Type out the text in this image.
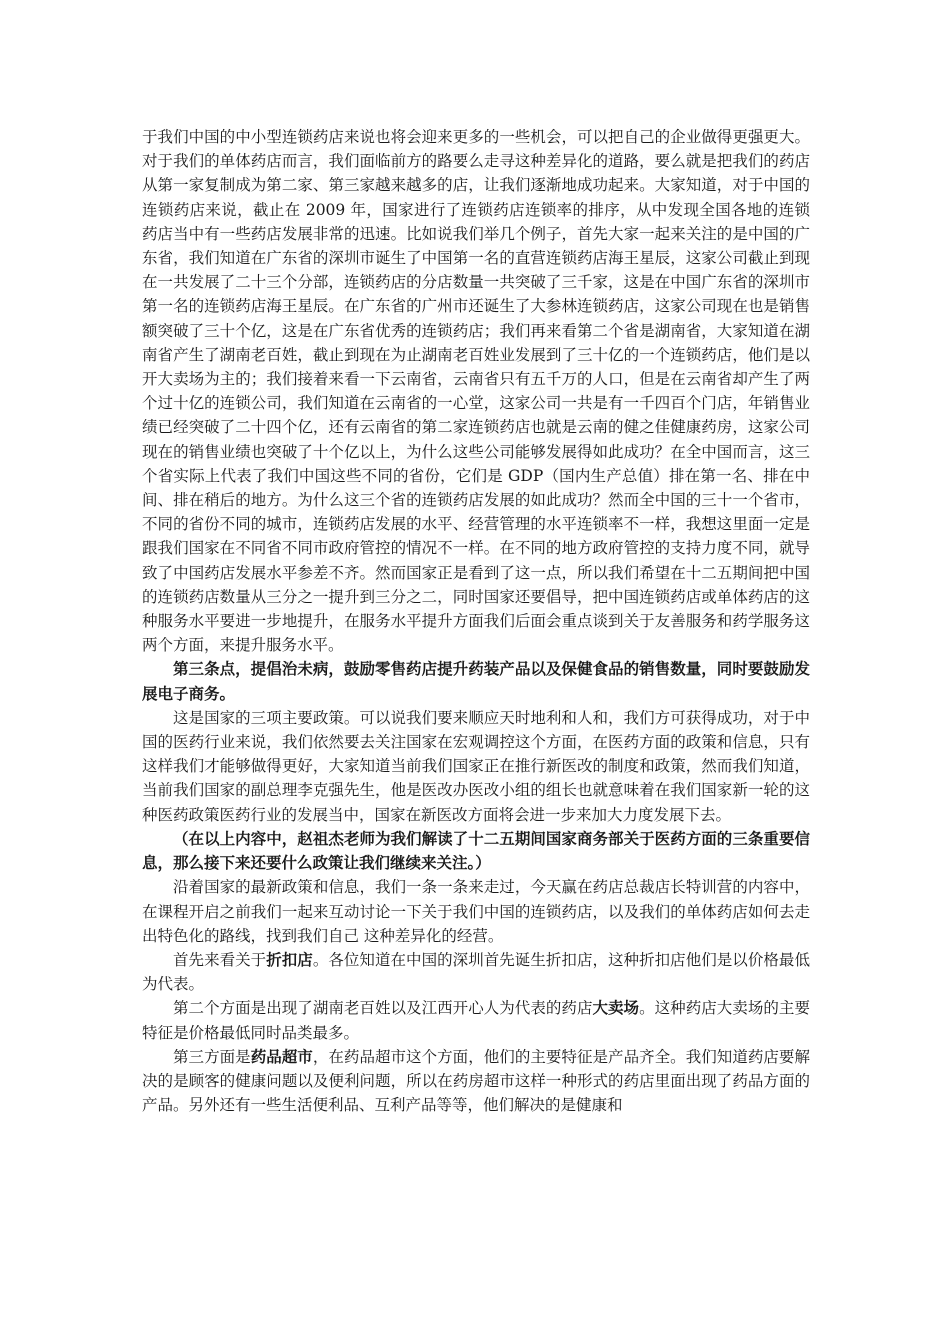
于我们中国的中小型连锁药店来说也将会迎来更多的一些机会，可以把自己的企业做得更强更大。对于我们的单体药店而言，我们面临前方的路要么走寻这种差异化的道路，要么就是把我们的药店从第一家复制成为第二家、第三家越来越多的店，让我们逐渐地成功起来。大家知道，对于中国的连锁药店来说，截止在 2009 年，国家进行了连锁药店连锁率的排序，从中发现全国各地的连锁药店当中有一些药店发展非常的迅速。比如说我们举几个例子，首先大家一起来关注的是中国的广东省，我们知道在广东省的深圳市诞生了中国第一名的直营连锁药店海王星辰，这家公司截止到现在一共发展了二十三个分部，连锁药店的分店数量一共突破了三千家，这是在中国广东省的深圳市第一名的连锁药店海王星辰。在广东省的广州市还诞生了大参林连锁药店，这家公司现在也是销售额突破了三十个亿，这是在广东省优秀的连锁药店；我们再来看第二个省是湖南省，大家知道在湖南省产生了湖南老百姓，截止到现在为止湖南老百姓业发展到了三十亿的一个连锁药店，他们是以开大卖场为主的；我们接着来看一下云南省，云南省只有五千万的人口，但是在云南省却产生了两个过十亿的连锁公司，我们知道在云南省的一心堂，这家公司一共是有一千四百个门店，年销售业绩已经突破了二十四个亿，还有云南省的第二家连锁药店也就是云南的健之佳健康药房，这家公司现在的销售业绩也突破了十个亿以上，为什么这些公司能够发展得如此成功？在全中国而言，这三个省实际上代表了我们中国这些不同的省份，它们是 GDP（国内生产总值）排在第一名、排在中间、排在稍后的地方。为什么这三个省的连锁药店发展的如此成功？然而全中国的三十一个省市，不同的省份不同的城市，连锁药店发展的水平、经营管理的水平连锁率不一样，我想这里面一定是跟我们国家在不同省不同市政府管控的情况不一样。在不同的地方政府管控的支持力度不同，就导致了中国药店发展水平参差不齐。然而国家正是看到了这一点，所以我们希望在十二五期间把中国的连锁药店数量从三分之一提升到三分之二，同时国家还要倡导，把中国连锁药店或单体药店的这种服务水平要进一步地提升，在服务水平提升方面我们后面会重点谈到关于友善服务和药学服务这两个方面，来提升服务水平。

第三条点，提倡治未病，鼓励零售药店提升药装产品以及保健食品的销售数量，同时要鼓励发展电子商务。

这是国家的三项主要政策。可以说我们要来顺应天时地利和人和，我们方可获得成功，对于中国的医药行业来说，我们依然要去关注国家在宏观调控这个方面，在医药方面的政策和信息，只有这样我们才能够做得更好，大家知道当前我们国家正在推行新医改的制度和政策，然而我们知道，当前我们国家的副总理李克强先生，他是医改办医改小组的组长也就意味着在我们国家新一轮的这种医药政策医药行业的发展当中，国家在新医改方面将会进一步来加大力度发展下去。

（在以上内容中，赵祖杰老师为我们解读了十二五期间国家商务部关于医药方面的三条重要信息，那么接下来还要什么政策让我们继续来关注。）

沿着国家的最新政策和信息，我们一条一条来走过，今天赢在药店总裁店长特训营的内容中，在课程开启之前我们一起来互动讨论一下关于我们中国的连锁药店，以及我们的单体药店如何去走出特色化的路线，找到我们自己 这种差异化的经营。

首先来看关于折扣店。各位知道在中国的深圳首先诞生折扣店，这种折扣店他们是以价格最低为代表。

第二个方面是出现了湖南老百姓以及江西开心人为代表的药店大卖场。这种药店大卖场的主要特征是价格最低同时品类最多。

第三方面是药品超市，在药品超市这个方面，他们的主要特征是产品齐全。我们知道药店要解决的是顾客的健康问题以及便利问题，所以在药房超市这样一种形式的药店里面出现了药品方面的产品。另外还有一些生活便利品、互利产品等等，他们解决的是健康和
